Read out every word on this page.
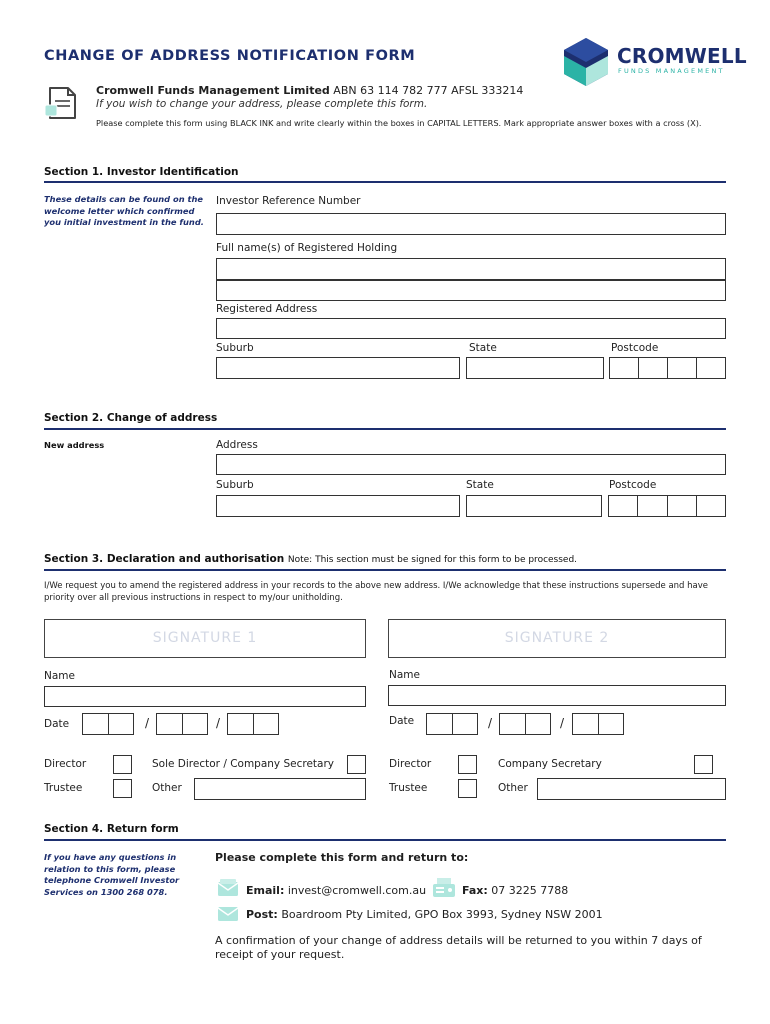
CHANGE OF ADDRESS NOTIFICATION FORM	CROMWELL
FUNDS MANAGEMENT
Cromwell Funds Management Limited ABN 63 114 782 777 AFSL 333214
If you wish to change your address, please complete this form.
Please complete this form using BLACK INK and write clearly within the boxes in CAPITAL LETTERS. Mark appropriate answer boxes with a cross (X).
Section 1. Investor Identification
These details can be found on the welcome letter which confirmed you initial investment in the fund.
Investor Reference Number
Full name(s) of Registered Holding
Registered Address
Suburb	State	Postcode
Section 2. Change of address
New address	Address
Suburb	State	Postcode
Section 3. Declaration and authorisation Note: This section must be signed for this form to be processed.
I/We request you to amend the registered address in your records to the above new address. I/We acknowledge that these instructions supersede and have priority over all previous instructions in respect to my/our unitholding.
SIGNATURE 1	SIGNATURE 2
Name	Name
Date	/	/	Date	/	/
Director	Sole Director / Company Secretary
Trustee	Other
Director	Company Secretary
Trustee	Other
Section 4. Return form
If you have any questions in relation to this form, please telephone Cromwell Investor Services on 1300 268 078.
Please complete this form and return to:
Email: invest@cromwell.com.au	Fax: 07 3225 7788
Post: Boardroom Pty Limited, GPO Box 3993, Sydney NSW 2001
A confirmation of your change of address details will be returned to you within 7 days of receipt of your request.
